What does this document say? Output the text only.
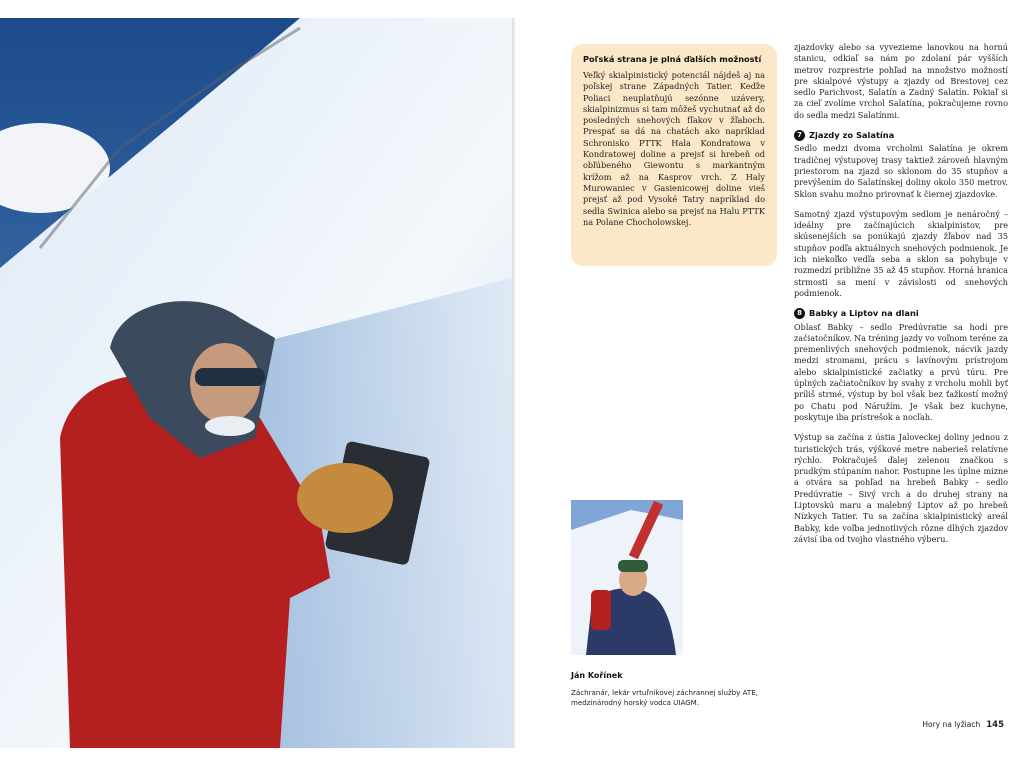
Poľská strana je plná ďalších možností
Veľký skialpinistický potenciál nájdeš aj na poľskej strane Západných Tatier. Keďže Poliaci neuplatňujú sezónne uzávery, skialpinizmus si tam môžeš vychutnať až do posledných snehových fľakov v žľaboch. Prespať sa dá na chatách ako napríklad Schronisko PTTK Hala Kondratowa v Kondratowej doline a prejsť si hrebeň od obľúbeného Giewontu s markantným krížom až na Kasprov vrch. Z Haly Murowaniec v Gasienicowej doline vieš prejsť až pod Vysoké Tatry napríklad do sedla Swinica alebo sa prejsť na Halu PTTK na Polane Chocholowskej.

zjazdovky alebo sa vyvezieme lanovkou na hornú stanicu, odkiaľ sa nám po zdolaní pár vyšších metrov rozprestrie pohľad na množstvo možností pre skialpové výstupy a zjazdy od Brestovej cez sedlo Parichvost, Salatín a Zadný Salatín. Pokiaľ si za cieľ zvolíme vrchol Salatína, pokračujeme rovno do sedla medzi Salatínmi.

7 Zjazdy zo Salatína

Sedlo medzi dvoma vrcholmi Salatína je okrem tradičnej výstupovej trasy taktiež zároveň hlavným priestorom na zjazd so sklonom do 35 stupňov a prevýšením do Salatínskej doliny okolo 350 metrov. Sklon svahu možno prirovnať k čiernej zjazdovke.

Samotný zjazd výstupovým sedlom je nenáročný – ideálny pre začínajúcich skialpinistov, pre skúsenejších sa ponúkajú zjazdy žľabov nad 35 stupňov podľa aktuálnych snehových podmienok. Je ich niekoľko vedľa seba a sklon sa pohybuje v rozmedzí približne 35 až 45 stupňov. Horná hranica strmosti sa mení v závislosti od snehových podmienok.

8 Babky a Liptov na dlani

Oblasť Babky – sedlo Predúvratie sa hodí pre začiatočníkov. Na tréning jazdy vo voľnom teréne za premenlivých snehových podmienok, nácvik jazdy medzi stromami, prácu s lavínovým prístrojom alebo skialpinistické začiatky a prvú túru. Pre úplných začiatočníkov by svahy z vrcholu mohli byť príliš strmé, výstup by bol však bez ťažkostí možný po Chatu pod Náružím. Je však bez kuchyne, poskytuje iba prístrešok a nocľah.

Výstup sa začína z ústia Jaloveckej doliny jednou z turistických trás, výškové metre naberieš relatívne rýchlo. Pokračuješ ďalej zelenou značkou s prudkým stúpaním nahor. Postupne les úplne mizne a otvára sa pohľad na hrebeň Babky – sedlo Predúvratie – Sivý vrch a do druhej strany na Liptovskú maru a malebný Liptov až po hrebeň Nízkych Tatier. Tu sa začína skialpinistický areál Babky, kde voľba jednotlivých rôzne dlhých zjazdov závisí iba od tvojho vlastného výberu.

Ján Kořínek
Záchranár, lekár vrtuľníkovej záchrannej služby ATE, medzinárodný horský vodca UIAGM.
Hory na lyžiach 145
